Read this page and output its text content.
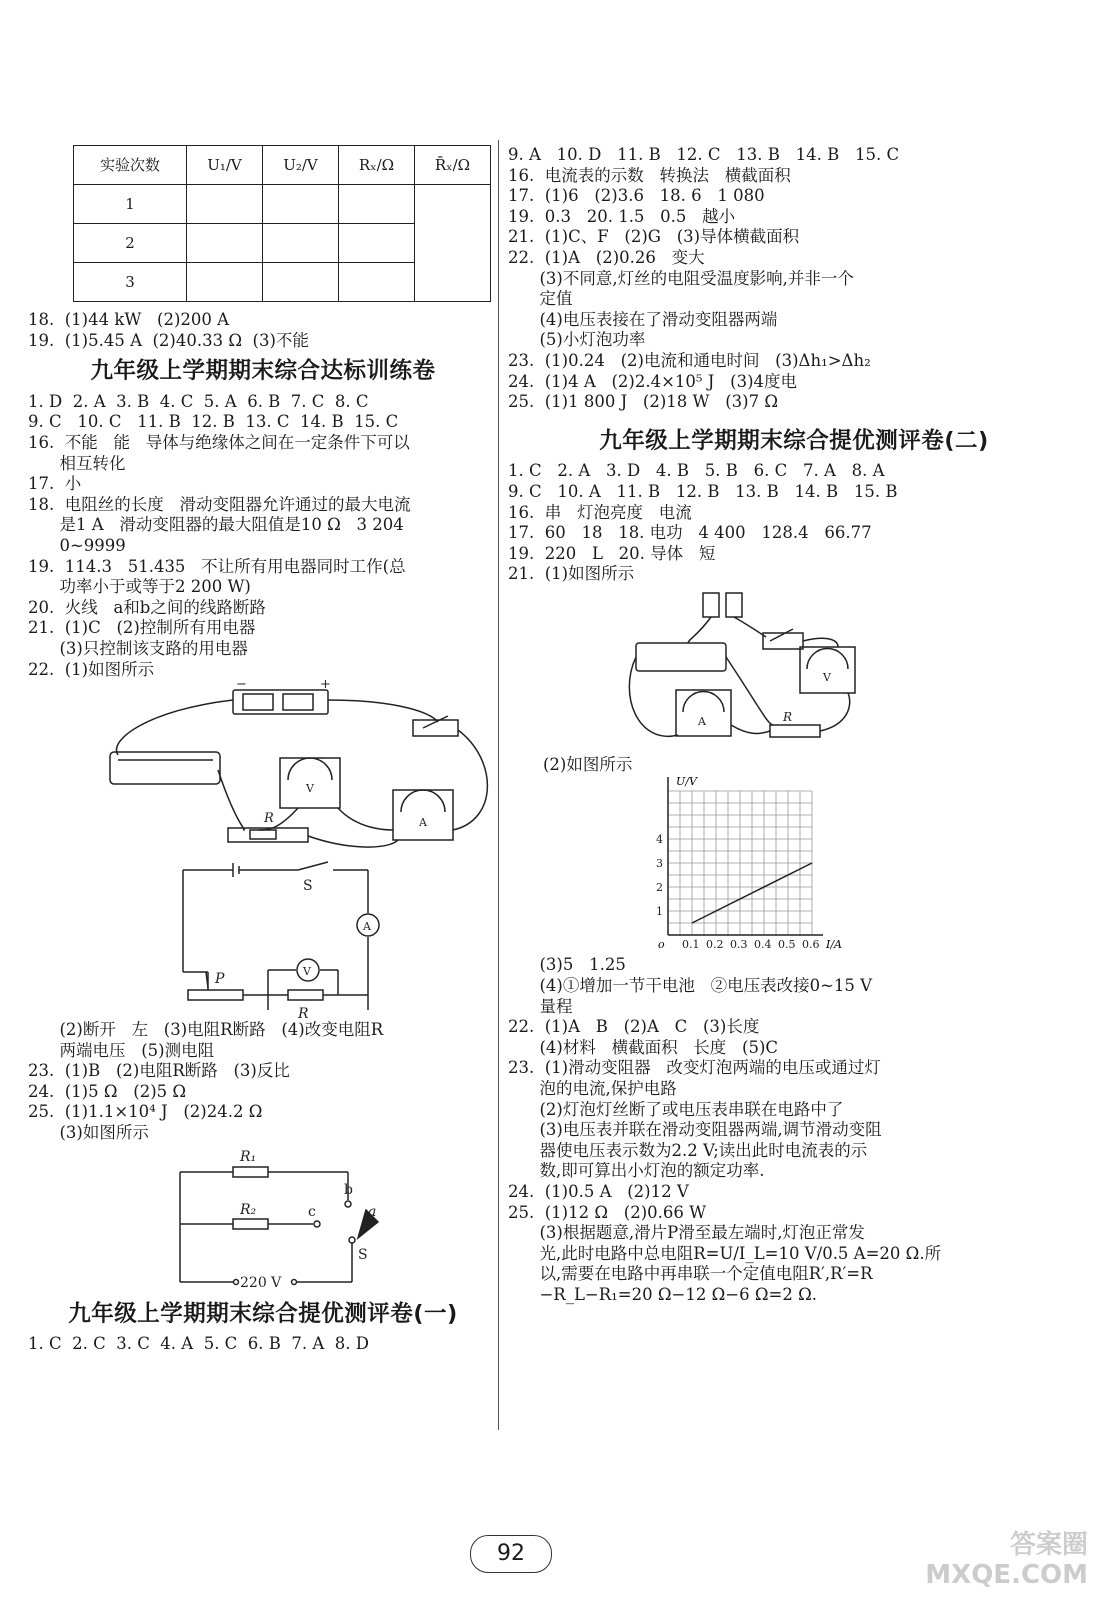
实验次数	U₁/V	U₂/V	Rₓ/Ω	R̄ₓ/Ω
1				
2				
3				
18.  (1)44 kW   (2)200 A
19.  (1)5.45 A  (2)40.33 Ω  (3)不能
九年级上学期期末综合达标训练卷
1. D  2. A  3. B  4. C  5. A  6. B  7. C  8. C
9. C   10. C   11. B  12. B  13. C  14. B  15. C
16.  不能   能   导体与绝缘体之间在一定条件下可以
相互转化
17.  小
18.  电阻丝的长度   滑动变阻器允许通过的最大电流
是1 A   滑动变阻器的最大阻值是10 Ω   3 204
0~9999
19.  114.3   51.435   不让所有用电器同时工作(总
功率小于或等于2 200 W)
20.  火线   a和b之间的线路断路
21.  (1)C   (2)控制所有用电器
(3)只控制该支路的用电器
22.  (1)如图所示
−	+
V
A
R
S
A
V
P
R
(2)断开   左   (3)电阻R断路   (4)改变电阻R
两端电压   (5)测电阻
23.  (1)B   (2)电阻R断路   (3)反比
24.  (1)5 Ω   (2)5 Ω
25.  (1)1.1×10⁴ J   (2)24.2 Ω
(3)如图所示
R₁
R₂
b
c	a
S
220 V
九年级上学期期末综合提优测评卷(一)
1. C  2. C  3. C  4. A  5. C  6. B  7. A  8. D
9. A   10. D   11. B   12. C   13. B   14. B   15. C
16.  电流表的示数   转换法   横截面积
17.  (1)6   (2)3.6   18. 6   1 080
19.  0.3   20. 1.5   0.5   越小
21.  (1)C、F   (2)G   (3)导体横截面积
22.  (1)A   (2)0.26   变大
(3)不同意,灯丝的电阻受温度影响,并非一个
定值
(4)电压表接在了滑动变阻器两端
(5)小灯泡功率
23.  (1)0.24   (2)电流和通电时间   (3)Δh₁>Δh₂
24.  (1)4 A   (2)2.4×10⁵ J   (3)4度电
25.  (1)1 800 J   (2)18 W   (3)7 Ω
九年级上学期期末综合提优测评卷(二)
1. C   2. A   3. D   4. B   5. B   6. C   7. A   8. A
9. C   10. A   11. B   12. B   13. B   14. B   15. B
16.  串   灯泡亮度   电流
17.  60   18   18. 电功   4 400   128.4   66.77
19.  220   L   20. 导体   短
21.  (1)如图所示
V
A	R
(2)如图所示
1
2
3
4
0.1 0.2 0.3 0.4 0.5 0.6
U/V
I/A
o
(3)5   1.25
(4)①增加一节干电池   ②电压表改接0~15 V
量程
22.  (1)A   B   (2)A   C   (3)长度
(4)材料   横截面积   长度   (5)C
23.  (1)滑动变阻器   改变灯泡两端的电压或通过灯
泡的电流,保护电路
(2)灯泡灯丝断了或电压表串联在电路中了
(3)电压表并联在滑动变阻器两端,调节滑动变阻
器使电压表示数为2.2 V;读出此时电流表的示
数,即可算出小灯泡的额定功率.
24.  (1)0.5 A   (2)12 V
25.  (1)12 Ω   (2)0.66 W
(3)根据题意,滑片P滑至最左端时,灯泡正常发
光,此时电路中总电阻R=U/I_L=10 V/0.5 A=20 Ω.所
以,需要在电路中再串联一个定值电阻R′,R′=R
−R_L−R₁=20 Ω−12 Ω−6 Ω=2 Ω.
92	答案圈
MXQE.COM
